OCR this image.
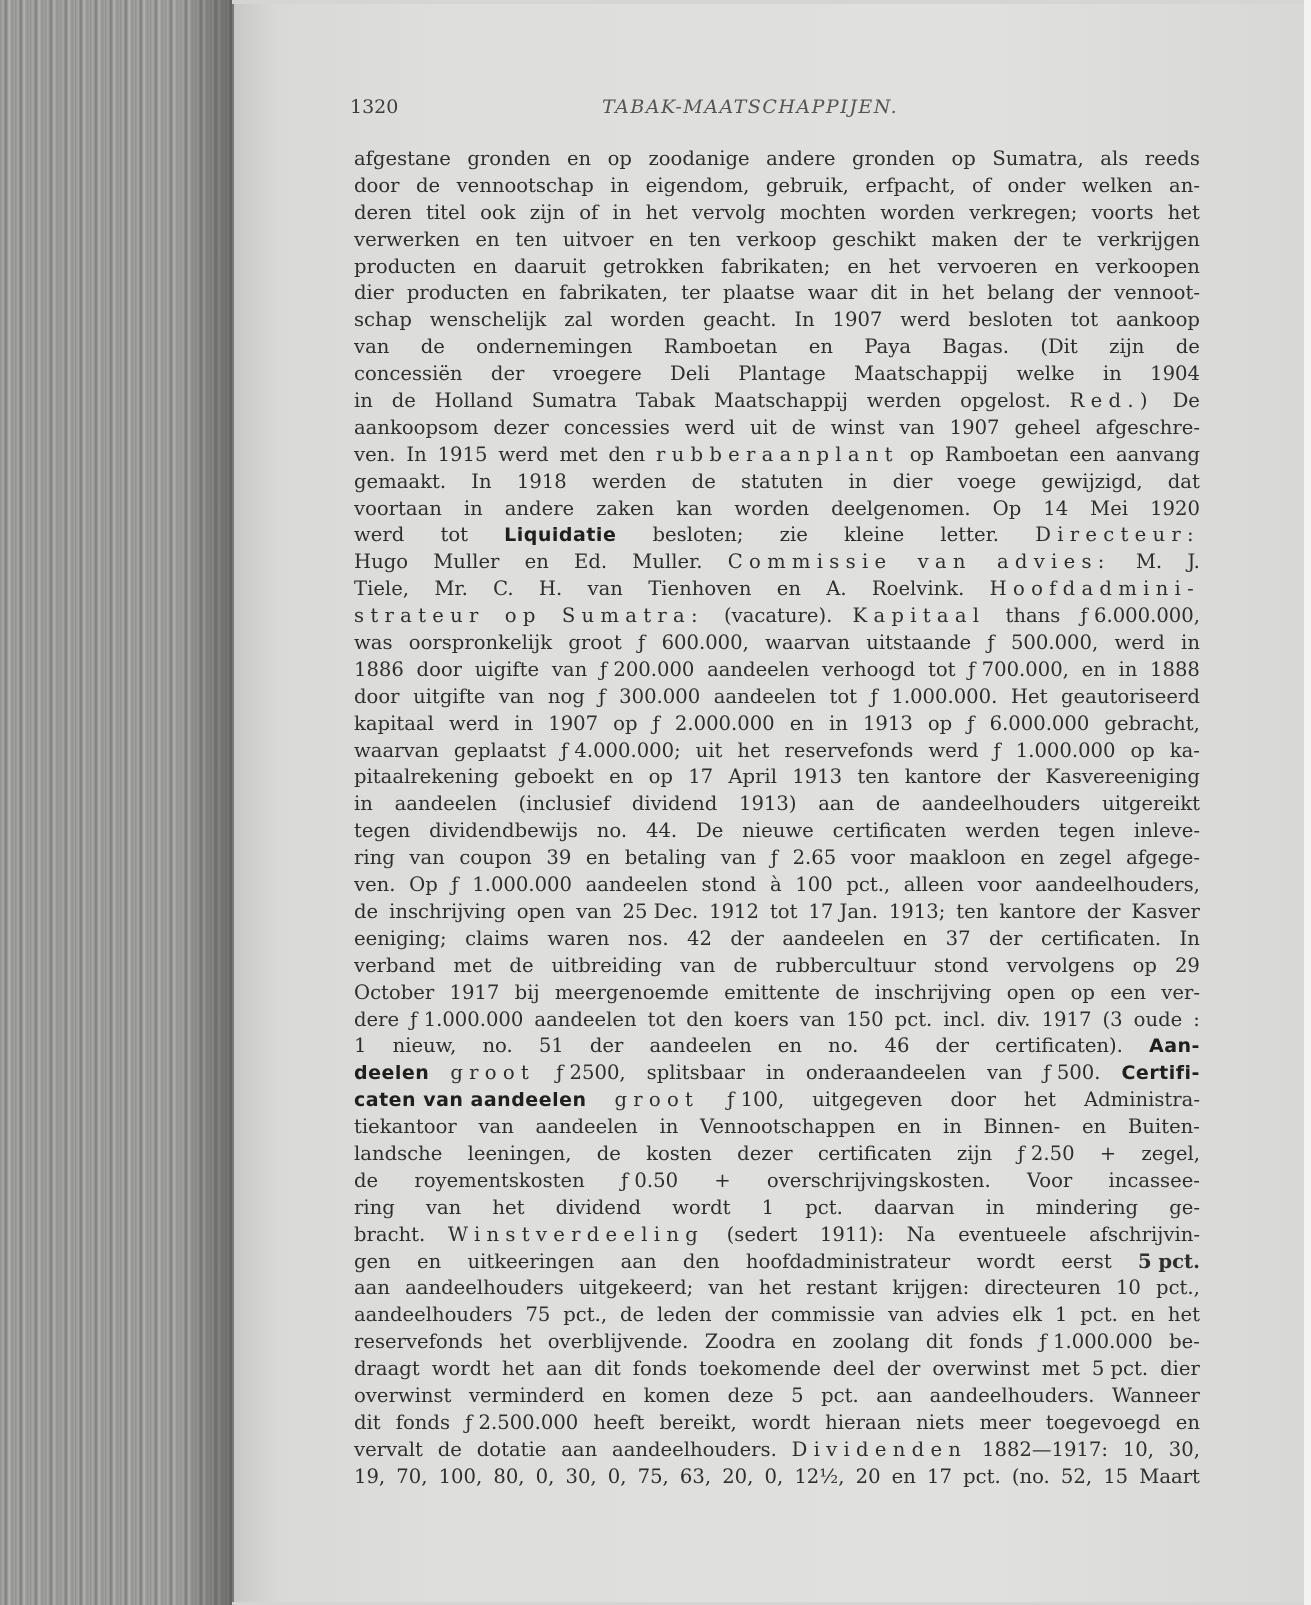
1320	TABAK-MAATSCHAPPIJEN.
afgestane gronden en op zoodanige andere gronden op Sumatra, als reeds
door de vennootschap in eigendom, gebruik, erfpacht, of onder welken an-
deren titel ook zijn of in het vervolg mochten worden verkregen; voorts het
verwerken en ten uitvoer en ten verkoop geschikt maken der te verkrijgen
producten en daaruit getrokken fabrikaten; en het vervoeren en verkoopen
dier producten en fabrikaten, ter plaatse waar dit in het belang der vennoot-
schap wenschelijk zal worden geacht. In 1907 werd besloten tot aankoop
van de ondernemingen Ramboetan en Paya Bagas. (Dit zijn de
concessiën der vroegere Deli Plantage Maatschappij welke in 1904
in de Holland Sumatra Tabak Maatschappij werden opgelost. Red.) De
aankoopsom dezer concessies werd uit de winst van 1907 geheel afgeschre-
ven. In 1915 werd met den rubberaanplant op Ramboetan een aanvang
gemaakt. In 1918 werden de statuten in dier voege gewijzigd, dat
voortaan in andere zaken kan worden deelgenomen. Op 14 Mei 1920
werd tot Liquidatie besloten; zie kleine letter. Directeur:
Hugo Muller en Ed. Muller. Commissie van advies: M. J.
Tiele, Mr. C. H. van Tienhoven en A. Roelvink. Hoofdadmini-
strateur op Sumatra: (vacature). Kapitaal thans ƒ 6.000.000,
was oorspronkelijk groot ƒ 600.000, waarvan uitstaande ƒ 500.000, werd in
1886 door uigifte van ƒ 200.000 aandeelen verhoogd tot ƒ 700.000, en in 1888
door uitgifte van nog ƒ 300.000 aandeelen tot ƒ 1.000.000. Het geautoriseerd
kapitaal werd in 1907 op ƒ 2.000.000 en in 1913 op ƒ 6.000.000 gebracht,
waarvan geplaatst ƒ 4.000.000; uit het reservefonds werd ƒ 1.000.000 op ka-
pitaalrekening geboekt en op 17 April 1913 ten kantore der Kasvereeniging
in aandeelen (inclusief dividend 1913) aan de aandeelhouders uitgereikt
tegen dividendbewijs no. 44. De nieuwe certificaten werden tegen inleve-
ring van coupon 39 en betaling van ƒ 2.65 voor maakloon en zegel afgege-
ven. Op ƒ 1.000.000 aandeelen stond à 100 pct., alleen voor aandeelhouders,
de inschrijving open van 25 Dec. 1912 tot 17 Jan. 1913; ten kantore der Kasver
eeniging; claims waren nos. 42 der aandeelen en 37 der certificaten. In
verband met de uitbreiding van de rubbercultuur stond vervolgens op 29
October 1917 bij meergenoemde emittente de inschrijving open op een ver-
dere ƒ 1.000.000 aandeelen tot den koers van 150 pct. incl. div. 1917 (3 oude :
1 nieuw, no. 51 der aandeelen en no. 46 der certificaten). Aan-
deelen groot ƒ 2500, splitsbaar in onderaandeelen van ƒ 500. Certifi-
caten van aandeelen groot ƒ 100, uitgegeven door het Administra-
tiekantoor van aandeelen in Vennootschappen en in Binnen- en Buiten-
landsche leeningen, de kosten dezer certificaten zijn ƒ 2.50 + zegel,
de royementskosten ƒ 0.50 + overschrijvingskosten. Voor incassee-
ring van het dividend wordt 1 pct. daarvan in mindering ge-
bracht. Winstverdeeling (sedert 1911): Na eventueele afschrijvin-
gen en uitkeeringen aan den hoofdadministrateur wordt eerst 5 pct.
aan aandeelhouders uitgekeerd; van het restant krijgen: directeuren 10 pct.,
aandeelhouders 75 pct., de leden der commissie van advies elk 1 pct. en het
reservefonds het overblijvende. Zoodra en zoolang dit fonds ƒ 1.000.000 be-
draagt wordt het aan dit fonds toekomende deel der overwinst met 5 pct. dier
overwinst verminderd en komen deze 5 pct. aan aandeelhouders. Wanneer
dit fonds ƒ 2.500.000 heeft bereikt, wordt hieraan niets meer toegevoegd en
vervalt de dotatie aan aandeelhouders. Dividenden 1882—1917: 10, 30,
19, 70, 100, 80, 0, 30, 0, 75, 63, 20, 0, 12½, 20 en 17 pct. (no. 52, 15 Maart
